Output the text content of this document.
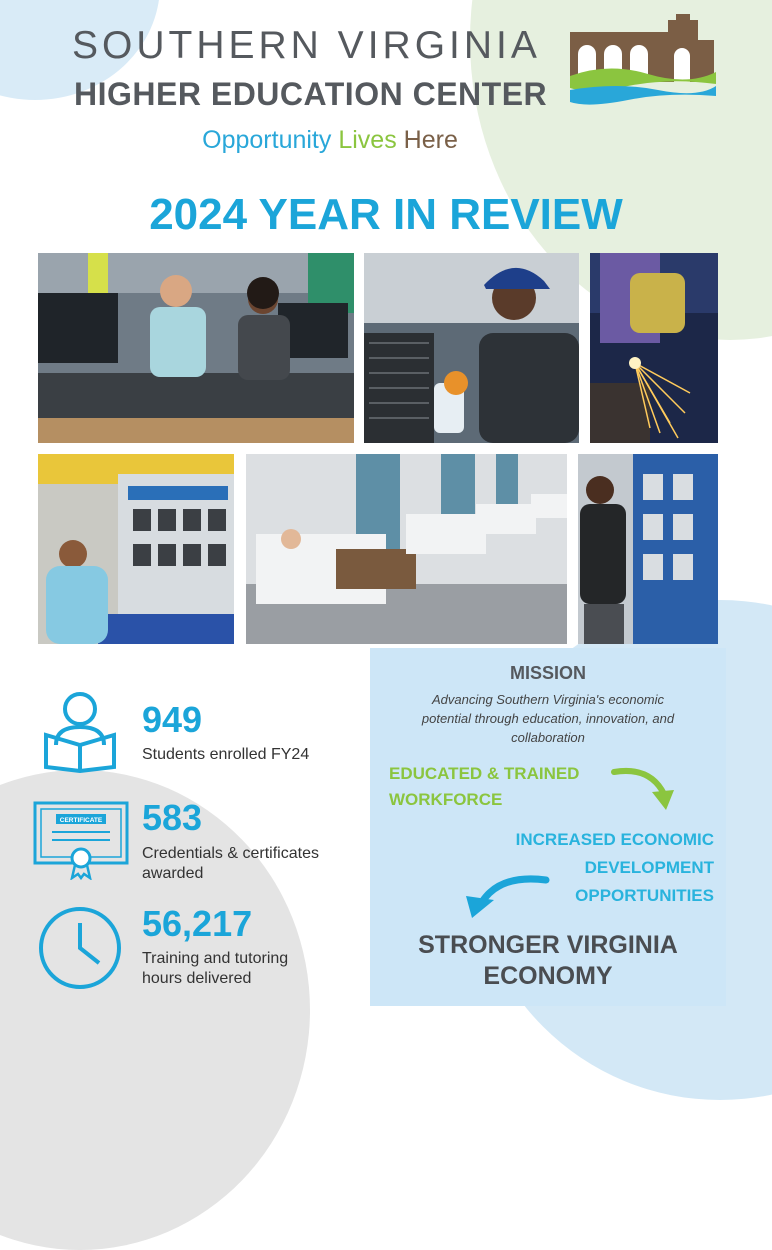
SOUTHERN VIRGINIA
HIGHER EDUCATION CENTER
Opportunity Lives Here
2024 YEAR IN REVIEW
949
Students enrolled FY24
CERTIFICATE 583
Credentials & certificates
awarded
56,217
Training and tutoring
hours delivered
MISSION
Advancing Southern Virginia's economic
potential through education, innovation, and
collaboration
EDUCATED & TRAINED
WORKFORCE
INCREASED ECONOMIC
DEVELOPMENT
OPPORTUNITIES
STRONGER VIRGINIA
ECONOMY
